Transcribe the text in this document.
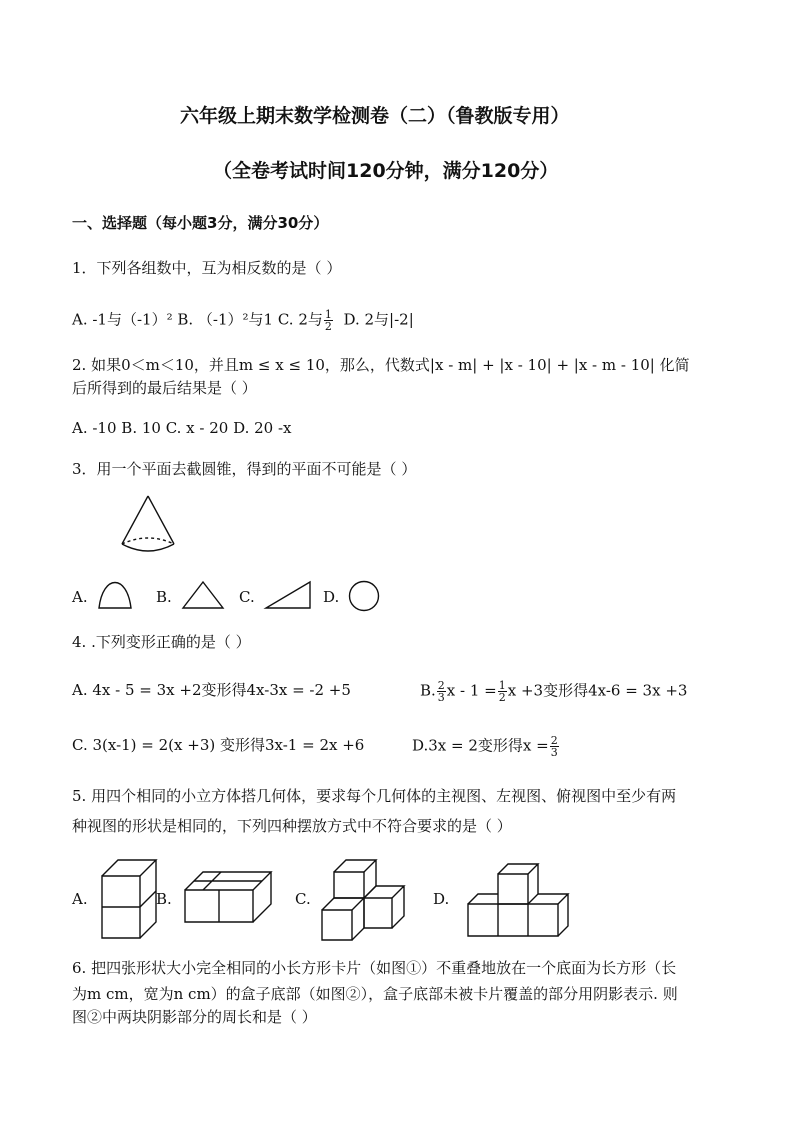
六年级上期末数学检测卷（二）（鲁教版专用）
（全卷考试时间120分钟，满分120分）
一、选择题（每小题3分，满分30分）
1．下列各组数中，互为相反数的是（ ）
A. -1与（-1）² B. （-1）²与1 C. 2与 $\frac{1}{2} D$. 2与|-2|
2. 如果0＜m＜10，并且m ≤ x ≤ 10，那么，代数式|x - m| + |x - 10| + |x - m - 10| 化简
后所得到的最后结果是（ ）
A. -10 B. 10 C. x - 20 D. 20 -x
3．用一个平面去截圆锥，得到的平面不可能是（ ）
A.	B.	C.	D.
4. .下列变形正确的是（ ）
A. 4x - 5 = 3x +2变形得4x-3x = -2 +5	B. $\frac{2}{3}$ $x - 1 = \frac{1}{2}$ x +3变形得4x-6 = 3x +3
C. 3(x-1) = 2(x +3) 变形得3x-1 = 2x +6	D.3x = 2变形得$x = \frac{2}{3}$
5. 用四个相同的小立方体搭几何体，要求每个几何体的主视图、左视图、俯视图中至少有两
种视图的形状是相同的，下列四种摆放方式中不符合要求的是（ ）
A.	B.	C.	D.
6. 把四张形状大小完全相同的小长方形卡片（如图①）不重叠地放在一个底面为长方形（长
为m cm，宽为n cm）的盒子底部（如图②），盒子底部未被卡片覆盖的部分用阴影表示. 则
图②中两块阴影部分的周长和是（ ）
